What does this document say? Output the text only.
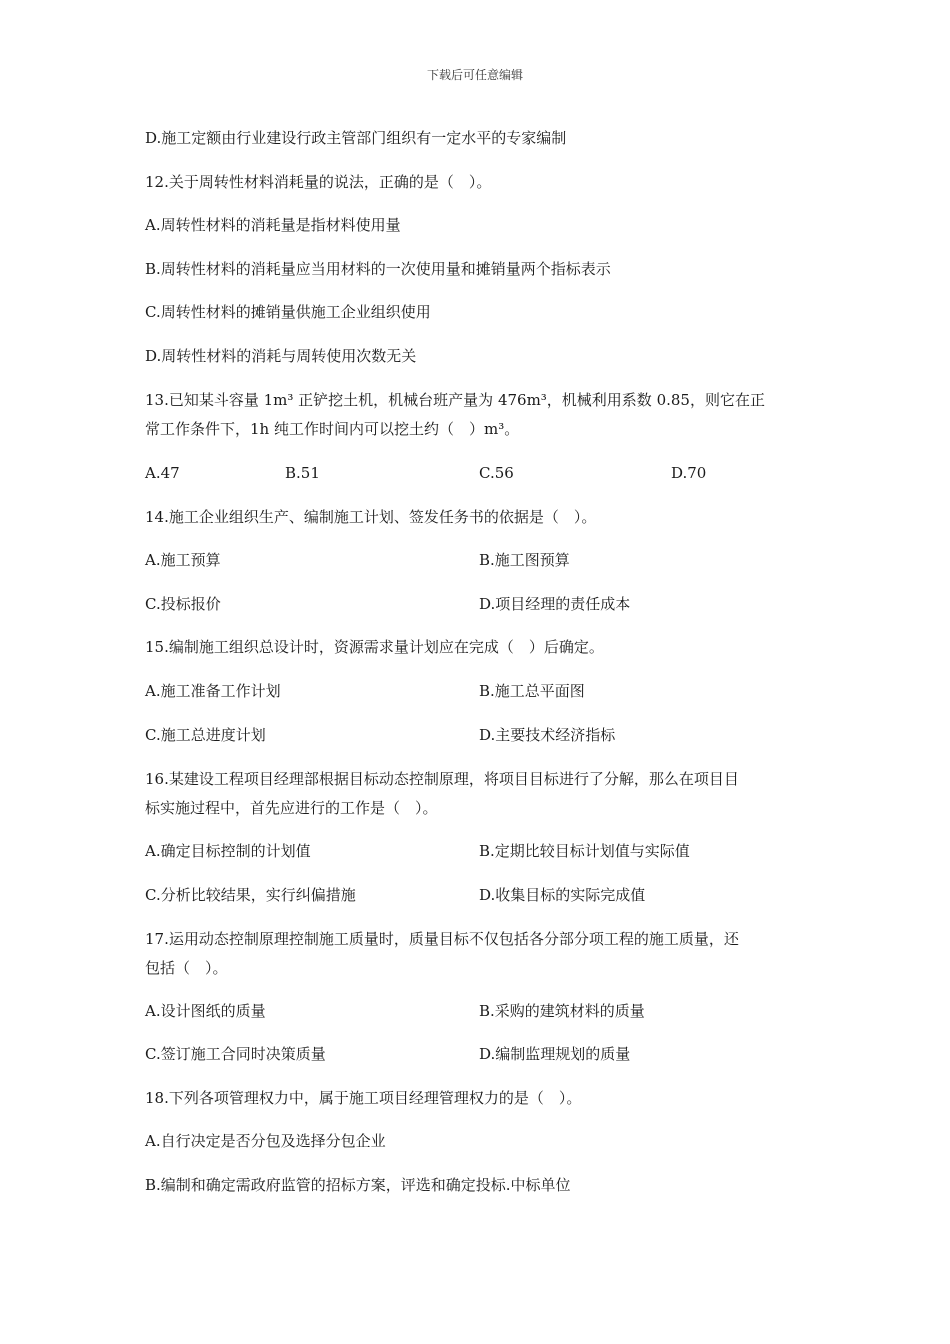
下载后可任意编辑
D.施工定额由行业建设行政主管部门组织有一定水平的专家编制
12.关于周转性材料消耗量的说法，正确的是（　）。
A.周转性材料的消耗量是指材料使用量
B.周转性材料的消耗量应当用材料的一次使用量和摊销量两个指标表示
C.周转性材料的摊销量供施工企业组织使用
D.周转性材料的消耗与周转使用次数无关
13.已知某斗容量 1m³ 正铲挖土机，机械台班产量为 476m³，机械利用系数 0.85，则它在正
常工作条件下，1h 纯工作时间内可以挖土约（　）m³。
A.47	B.51	C.56	D.70
14.施工企业组织生产、编制施工计划、签发任务书的依据是（　）。
A.施工预算	B.施工图预算
C.投标报价	D.项目经理的责任成本
15.编制施工组织总设计时，资源需求量计划应在完成（　）后确定。
A.施工准备工作计划	B.施工总平面图
C.施工总进度计划	D.主要技术经济指标
16.某建设工程项目经理部根据目标动态控制原理，将项目目标进行了分解，那么在项目目
标实施过程中，首先应进行的工作是（　）。
A.确定目标控制的计划值	B.定期比较目标计划值与实际值
C.分析比较结果，实行纠偏措施	D.收集目标的实际完成值
17.运用动态控制原理控制施工质量时，质量目标不仅包括各分部分项工程的施工质量，还
包括（　）。
A.设计图纸的质量	B.采购的建筑材料的质量
C.签订施工合同时决策质量	D.编制监理规划的质量
18.下列各项管理权力中，属于施工项目经理管理权力的是（　）。
A.自行决定是否分包及选择分包企业
B.编制和确定需政府监管的招标方案，评选和确定投标.中标单位
